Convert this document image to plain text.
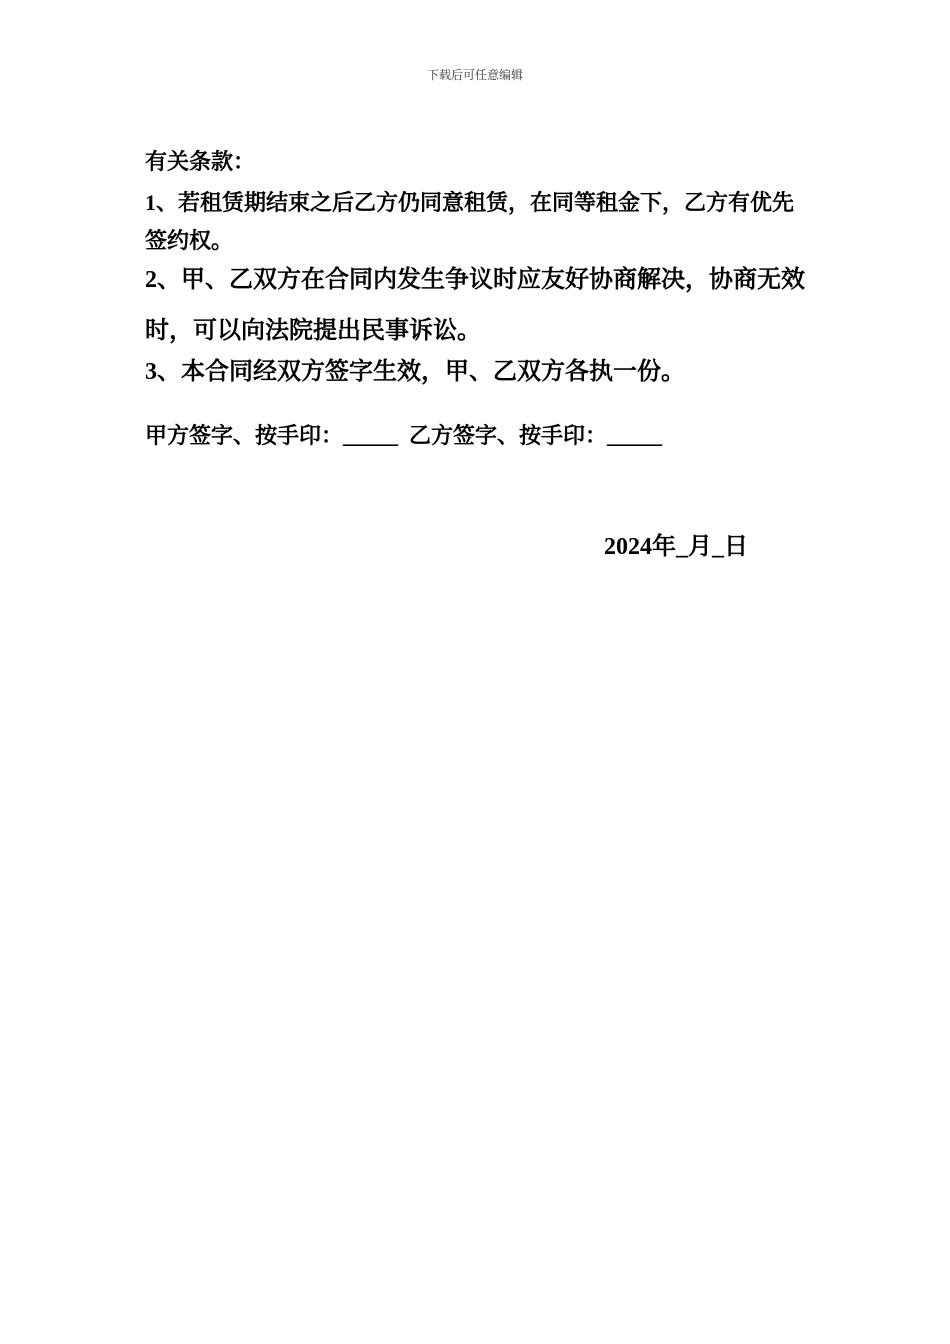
下载后可任意编辑
有关条款：
1、若租赁期结束之后乙方仍同意租赁，在同等租金下，乙方有优先签约权。
2、甲、乙双方在合同内发生争议时应友好协商解决，协商无效时，可以向法院提出民事诉讼。
3、本合同经双方签字生效，甲、乙双方各执一份。
甲方签字、按手印：_____ 乙方签字、按手印：_____
2024年_月_日
